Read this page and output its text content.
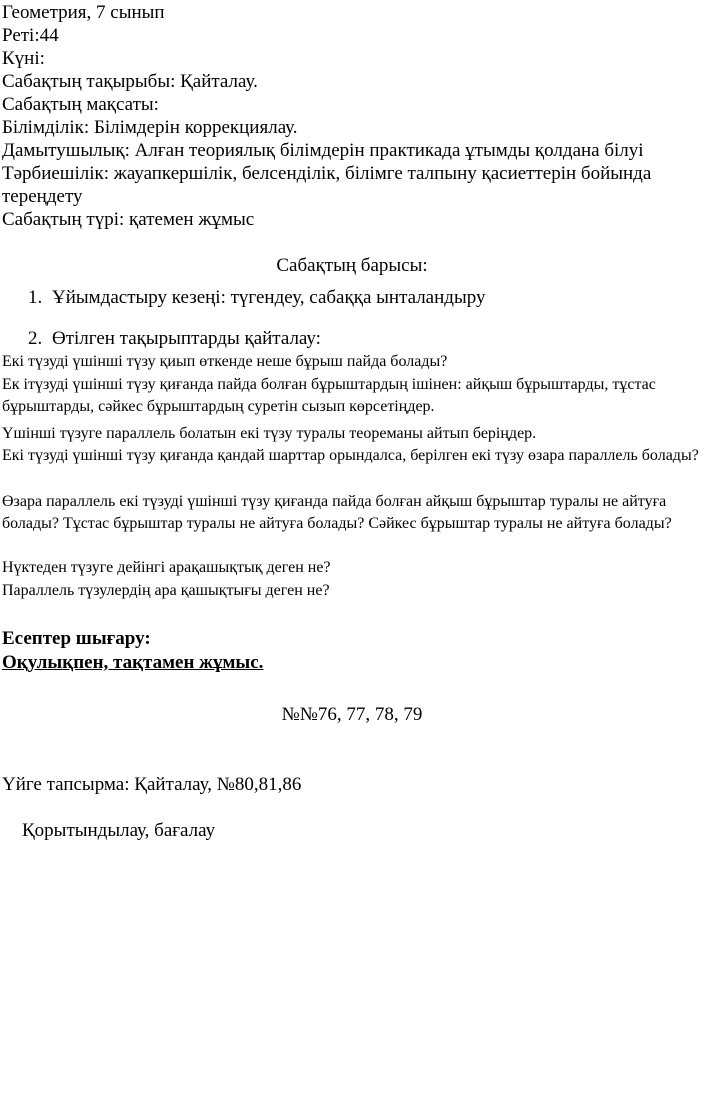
Геометрия, 7 сынып
Реті:44
Күні:
Сабақтың тақырыбы: Қайталау.
Сабақтың мақсаты:
Білімділік: Білімдерін коррекциялау.
Дамытушылық: Алған теориялық білімдерін практикада ұтымды қолдана білуі
Тәрбиешілік: жауапкершілік, белсенділік, білімге талпыну қасиеттерін бойында тереңдету
Сабақтың түрі: қатемен жұмыс
Сабақтың барысы:
1. Ұйымдастыру кезеңі: түгендеу, сабаққа ынталандыру
2. Өтілген тақырыптарды қайталау:
Екі түзуді үшінші түзу қиып өткенде неше бұрыш пайда болады?
Ек ітүзуді үшінші түзу қиғанда пайда болған бұрыштардың ішінен: айқыш бұрыштарды, тұстас бұрыштарды, сәйкес бұрыштардың суретін сызып көрсетіңдер.
Үшінші түзуге параллель болатын екі түзу туралы теореманы айтып беріңдер.
Екі түзуді үшінші түзу қиғанда қандай шарттар орындалса, берілген екі түзу өзара параллель болады?
Өзара параллель екі түзуді үшінші түзу қиғанда пайда болған айқыш бұрыштар туралы не айтуға болады? Тұстас бұрыштар туралы не айтуға болады? Сәйкес бұрыштар туралы не айтуға болады?
Нүктеден түзуге дейінгі арақашықтық деген не?
Параллель түзулердің ара қашықтығы деген не?
Есептер шығару:
Оқулықпен, тақтамен жұмыс.
№№76, 77, 78, 79
Үйге тапсырма: Қайталау, №80,81,86
Қорытындылау, бағалау
